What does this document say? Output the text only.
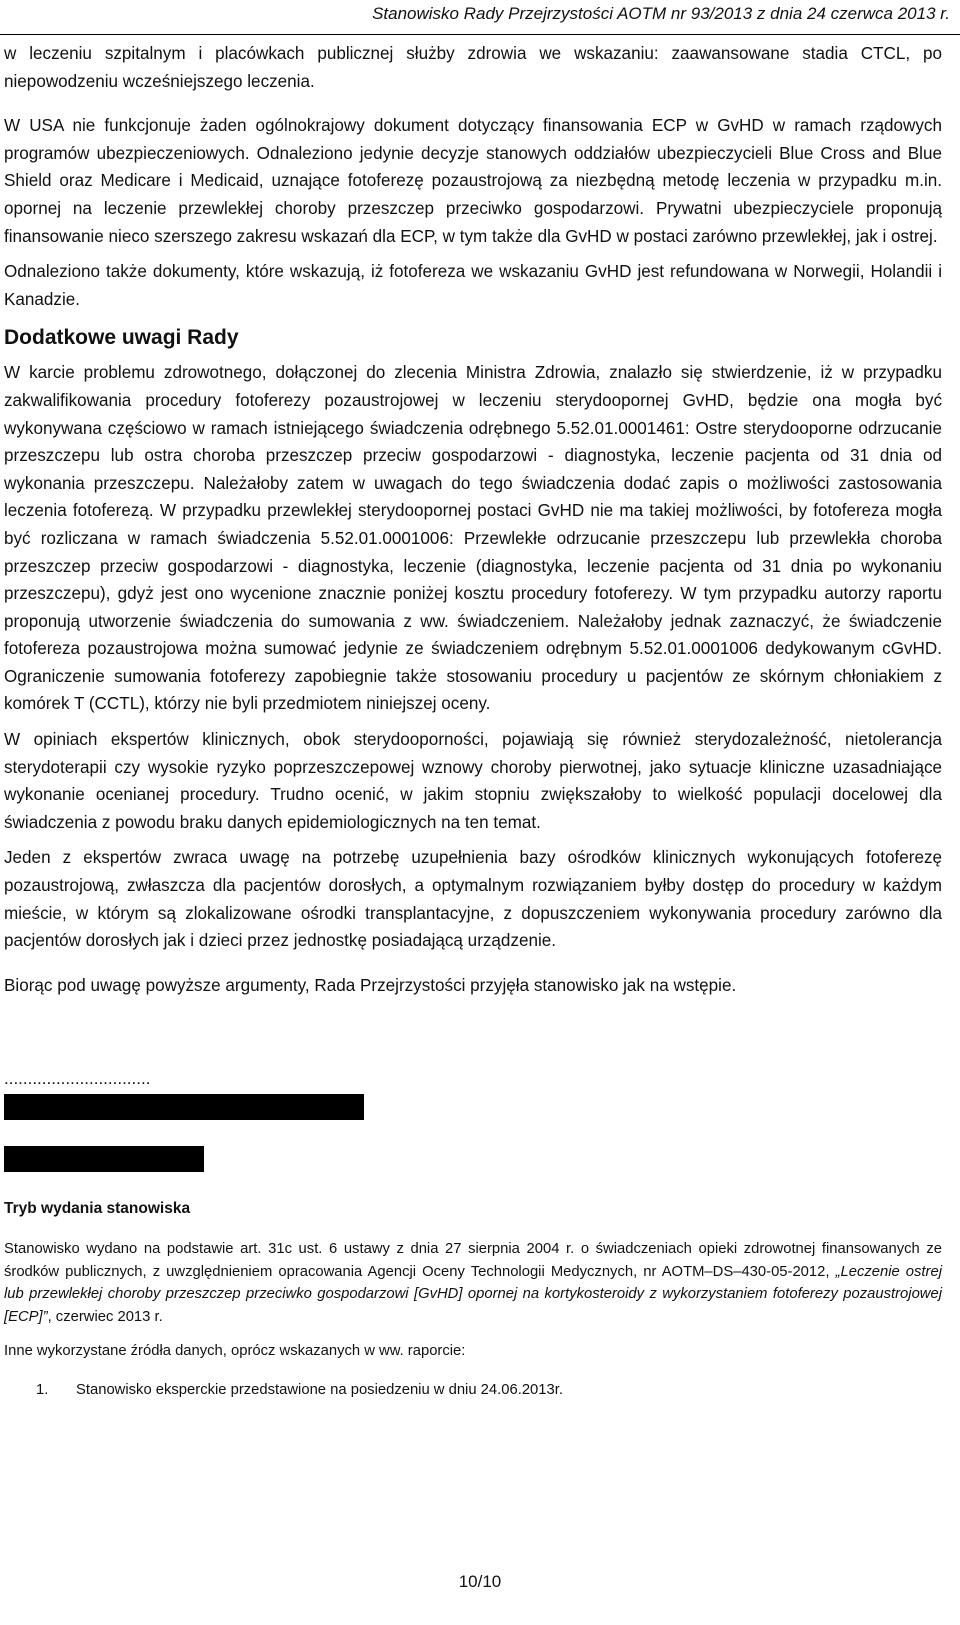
Stanowisko Rady Przejrzystości AOTM nr 93/2013 z dnia 24 czerwca 2013 r.

w leczeniu szpitalnym i placówkach publicznej służby zdrowia we wskazaniu: zaawansowane stadia CTCL, po niepowodzeniu wcześniejszego leczenia.

W USA nie funkcjonuje żaden ogólnokrajowy dokument dotyczący finansowania ECP w GvHD w ramach rządowych programów ubezpieczeniowych. Odnaleziono jedynie decyzje stanowych oddziałów ubezpieczycieli Blue Cross and Blue Shield oraz Medicare i Medicaid, uznające fotoferezę pozaustrojową za niezbędną metodę leczenia w przypadku m.in. opornej na leczenie przewlekłej choroby przeszczep przeciwko gospodarzowi. Prywatni ubezpieczyciele proponują finansowanie nieco szerszego zakresu wskazań dla ECP, w tym także dla GvHD w postaci zarówno przewlekłej, jak i ostrej.

Odnaleziono także dokumenty, które wskazują, iż fotofereza we wskazaniu GvHD jest refundowana w Norwegii, Holandii i Kanadzie.

Dodatkowe uwagi Rady

W karcie problemu zdrowotnego, dołączonej do zlecenia Ministra Zdrowia, znalazło się stwierdzenie, iż w przypadku zakwalifikowania procedury fotoferezy pozaustrojowej w leczeniu sterydoopornej GvHD, będzie ona mogła być wykonywana częściowo w ramach istniejącego świadczenia odrębnego 5.52.01.0001461: Ostre sterydooporne odrzucanie przeszczepu lub ostra choroba przeszczep przeciw gospodarzowi - diagnostyka, leczenie pacjenta od 31 dnia od wykonania przeszczepu. Należałoby zatem w uwagach do tego świadczenia dodać zapis o możliwości zastosowania leczenia fotoferezą. W przypadku przewlekłej sterydoopornej postaci GvHD nie ma takiej możliwości, by fotofereza mogła być rozliczana w ramach świadczenia 5.52.01.0001006: Przewlekłe odrzucanie przeszczepu lub przewlekła choroba przeszczep przeciw gospodarzowi - diagnostyka, leczenie (diagnostyka, leczenie pacjenta od 31 dnia po wykonaniu przeszczepu), gdyż jest ono wycenione znacznie poniżej kosztu procedury fotoferezy. W tym przypadku autorzy raportu proponują utworzenie świadczenia do sumowania z ww. świadczeniem. Należałoby jednak zaznaczyć, że świadczenie fotofereza pozaustrojowa można sumować jedynie ze świadczeniem odrębnym 5.52.01.0001006 dedykowanym cGvHD. Ograniczenie sumowania fotoferezy zapobiegnie także stosowaniu procedury u pacjentów ze skórnym chłoniakiem z komórek T (CCTL), którzy nie byli przedmiotem niniejszej oceny.

W opiniach ekspertów klinicznych, obok sterydooporności, pojawiają się również sterydozależność, nietolerancja sterydoterapii czy wysokie ryzyko poprzeszczepowej wznowy choroby pierwotnej, jako sytuacje kliniczne uzasadniające wykonanie ocenianej procedury. Trudno ocenić, w jakim stopniu zwiększałoby to wielkość populacji docelowej dla świadczenia z powodu braku danych epidemiologicznych na ten temat.

Jeden z ekspertów zwraca uwagę na potrzebę uzupełnienia bazy ośrodków klinicznych wykonujących fotoferezę pozaustrojową, zwłaszcza dla pacjentów dorosłych, a optymalnym rozwiązaniem byłby dostęp do procedury w każdym mieście, w którym są zlokalizowane ośrodki transplantacyjne, z dopuszczeniem wykonywania procedury zarówno dla pacjentów dorosłych jak i dzieci przez jednostkę posiadającą urządzenie.

Biorąc pod uwagę powyższe argumenty, Rada Przejrzystości przyjęła stanowisko jak na wstępie.

...............................
Tryb wydania stanowiska

Stanowisko wydano na podstawie art. 31c ust. 6 ustawy z dnia 27 sierpnia 2004 r. o świadczeniach opieki zdrowotnej finansowanych ze środków publicznych, z uwzględnieniem opracowania Agencji Oceny Technologii Medycznych, nr AOTM–DS–430-05-2012, „Leczenie ostrej lub przewlekłej choroby przeszczep przeciwko gospodarzowi [GvHD] opornej na kortykosteroidy z wykorzystaniem fotoferezy pozaustrojowej [ECP]”, czerwiec 2013 r.

Inne wykorzystane źródła danych, oprócz wskazanych w ww. raporcie:

1.	Stanowisko eksperckie przedstawione na posiedzeniu w dniu 24.06.2013r.
10/10
